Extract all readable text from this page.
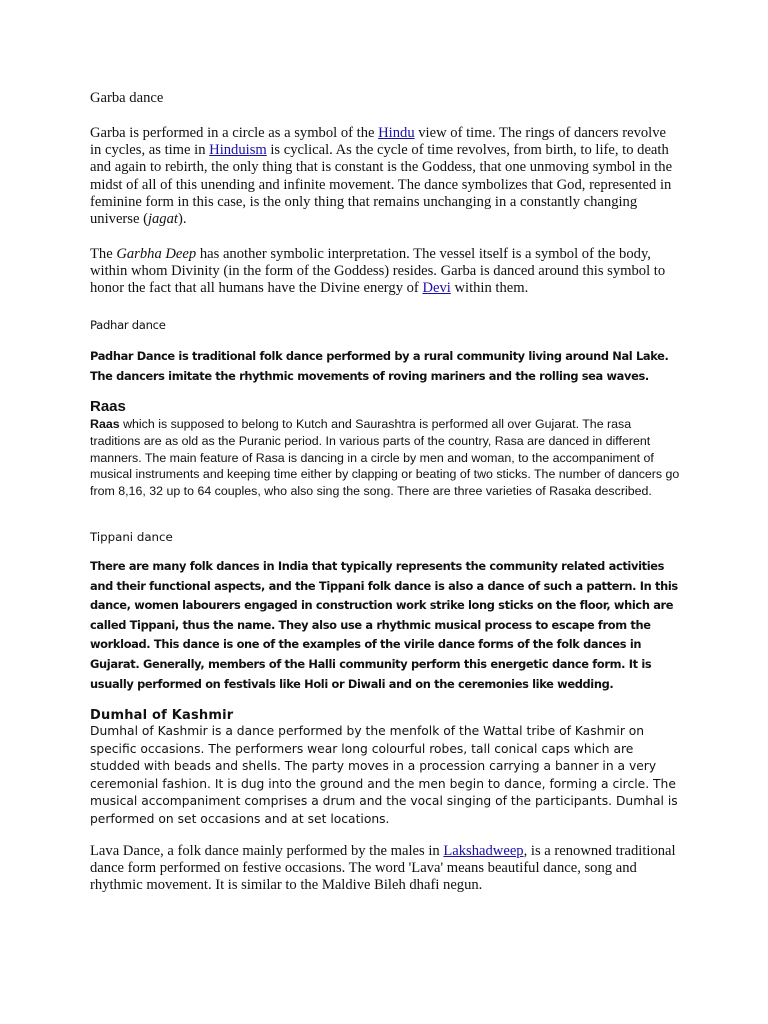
Garba dance

Garba is performed in a circle as a symbol of the Hindu view of time. The rings of dancers revolve in cycles, as time in Hinduism is cyclical. As the cycle of time revolves, from birth, to life, to death and again to rebirth, the only thing that is constant is the Goddess, that one unmoving symbol in the midst of all of this unending and infinite movement. The dance symbolizes that God, represented in feminine form in this case, is the only thing that remains unchanging in a constantly changing universe (jagat).

The Garbha Deep has another symbolic interpretation. The vessel itself is a symbol of the body, within whom Divinity (in the form of the Goddess) resides. Garba is danced around this symbol to honor the fact that all humans have the Divine energy of Devi within them.

Padhar dance

Padhar Dance is traditional folk dance performed by a rural community living around Nal Lake. The dancers imitate the rhythmic movements of roving mariners and the rolling sea waves.

Raas

Raas which is supposed to belong to Kutch and Saurashtra is performed all over Gujarat. The rasa traditions are as old as the Puranic period. In various parts of the country, Rasa are danced in different manners. The main feature of Rasa is dancing in a circle by men and woman, to the accompaniment of musical instruments and keeping time either by clapping or beating of two sticks. The number of dancers go from 8,16, 32 up to 64 couples, who also sing the song. There are three varieties of Rasaka described.

Tippani dance

There are many folk dances in India that typically represents the community related activities and their functional aspects, and the Tippani folk dance is also a dance of such a pattern. In this dance, women labourers engaged in construction work strike long sticks on the floor, which are called Tippani, thus the name. They also use a rhythmic musical process to escape from the workload. This dance is one of the examples of the virile dance forms of the folk dances in Gujarat. Generally, members of the Halli community perform this energetic dance form. It is usually performed on festivals like Holi or Diwali and on the ceremonies like wedding.

Dumhal of Kashmir

Dumhal of Kashmir is a dance performed by the menfolk of the Wattal tribe of Kashmir on specific occasions. The performers wear long colourful robes, tall conical caps which are studded with beads and shells. The party moves in a procession carrying a banner in a very ceremonial fashion. It is dug into the ground and the men begin to dance, forming a circle. The musical accompaniment comprises a drum and the vocal singing of the participants. Dumhal is performed on set occasions and at set locations.

Lava Dance, a folk dance mainly performed by the males in Lakshadweep, is a renowned traditional dance form performed on festive occasions. The word 'Lava' means beautiful dance, song and rhythmic movement. It is similar to the Maldive Bileh dhafi negun.
